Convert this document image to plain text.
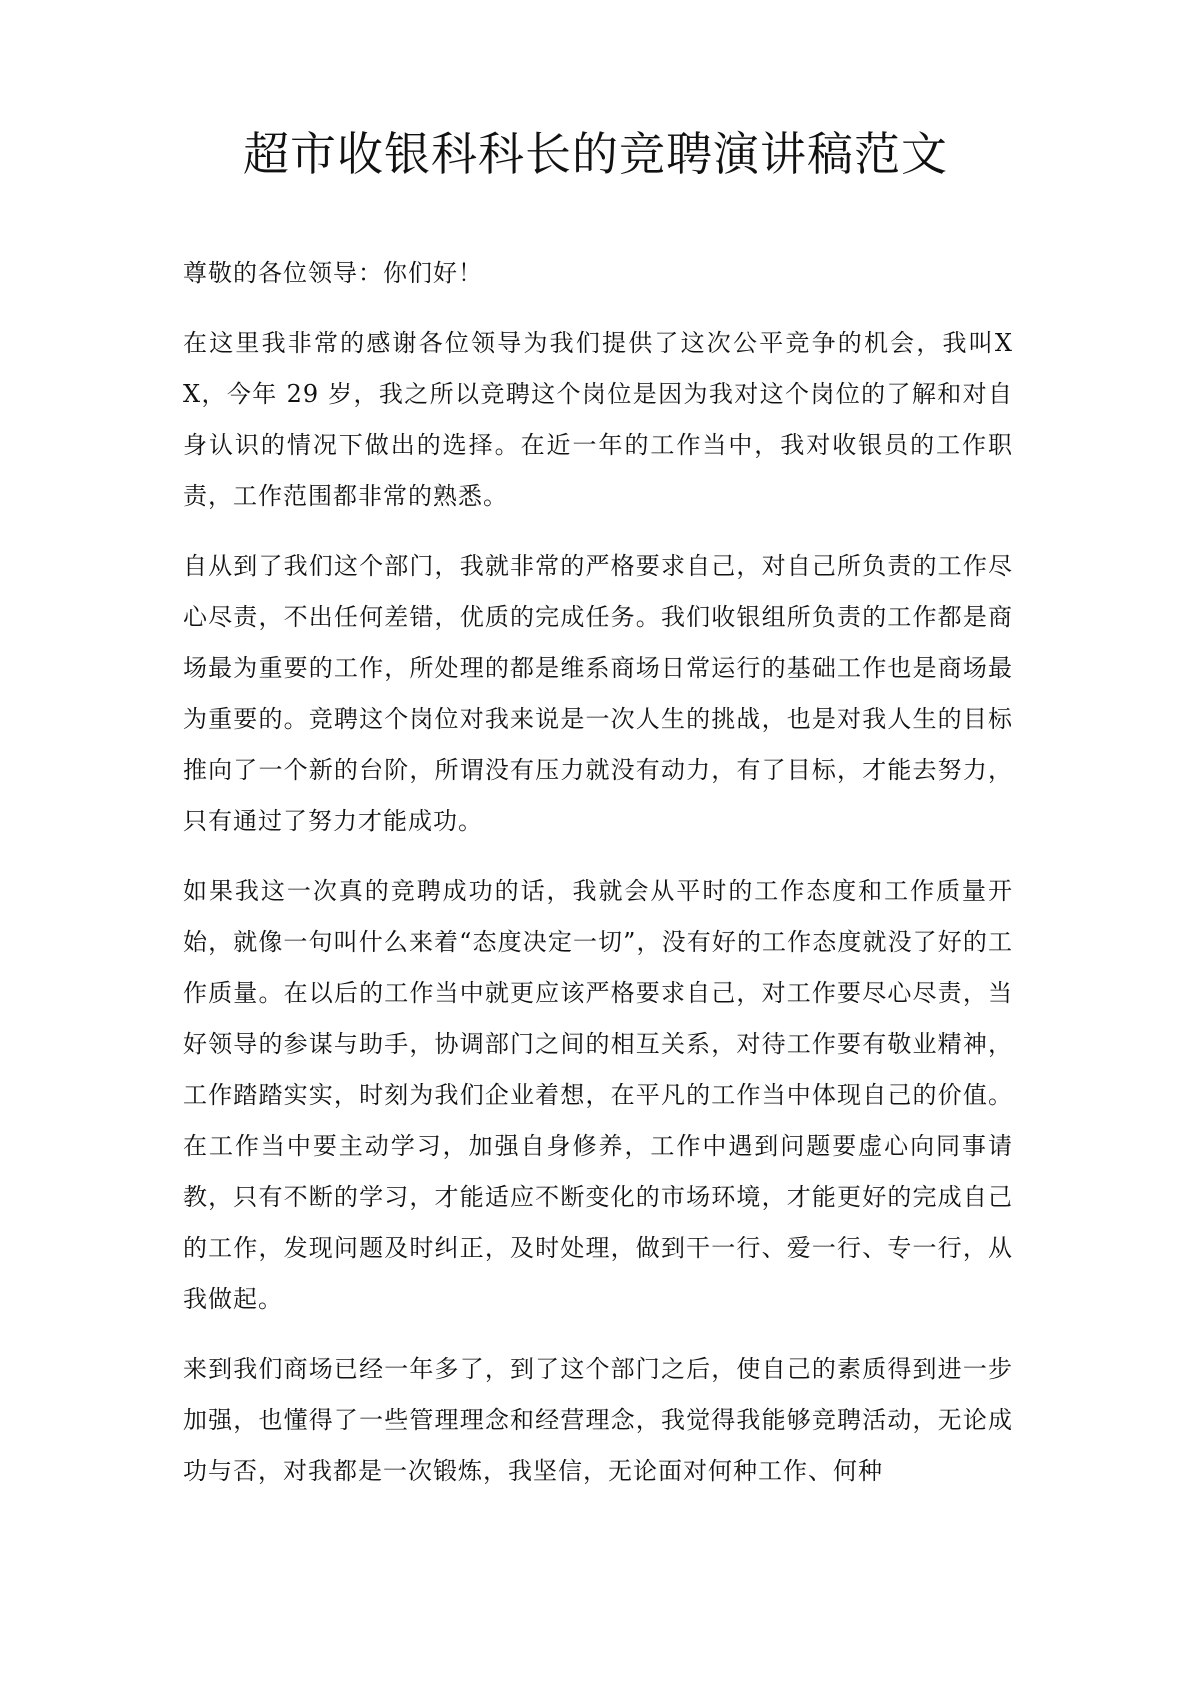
超市收银科科长的竞聘演讲稿范文

尊敬的各位领导：你们好！

在这里我非常的感谢各位领导为我们提供了这次公平竞争的机会，我叫XX，今年 29 岁，我之所以竞聘这个岗位是因为我对这个岗位的了解和对自身认识的情况下做出的选择。在近一年的工作当中，我对收银员的工作职责，工作范围都非常的熟悉。

自从到了我们这个部门，我就非常的严格要求自己，对自己所负责的工作尽心尽责，不出任何差错，优质的完成任务。我们收银组所负责的工作都是商场最为重要的工作，所处理的都是维系商场日常运行的基础工作也是商场最为重要的。竞聘这个岗位对我来说是一次人生的挑战，也是对我人生的目标推向了一个新的台阶，所谓没有压力就没有动力，有了目标，才能去努力，只有通过了努力才能成功。

如果我这一次真的竞聘成功的话，我就会从平时的工作态度和工作质量开始，就像一句叫什么来着“态度决定一切”，没有好的工作态度就没了好的工作质量。在以后的工作当中就更应该严格要求自己，对工作要尽心尽责，当好领导的参谋与助手，协调部门之间的相互关系，对待工作要有敬业精神，工作踏踏实实，时刻为我们企业着想，在平凡的工作当中体现自己的价值。在工作当中要主动学习，加强自身修养，工作中遇到问题要虚心向同事请教，只有不断的学习，才能适应不断变化的市场环境，才能更好的完成自己的工作，发现问题及时纠正，及时处理，做到干一行、爱一行、专一行，从我做起。

来到我们商场已经一年多了，到了这个部门之后，使自己的素质得到进一步加强，也懂得了一些管理理念和经营理念，我觉得我能够竞聘活动，无论成功与否，对我都是一次锻炼，我坚信，无论面对何种工作、何种
